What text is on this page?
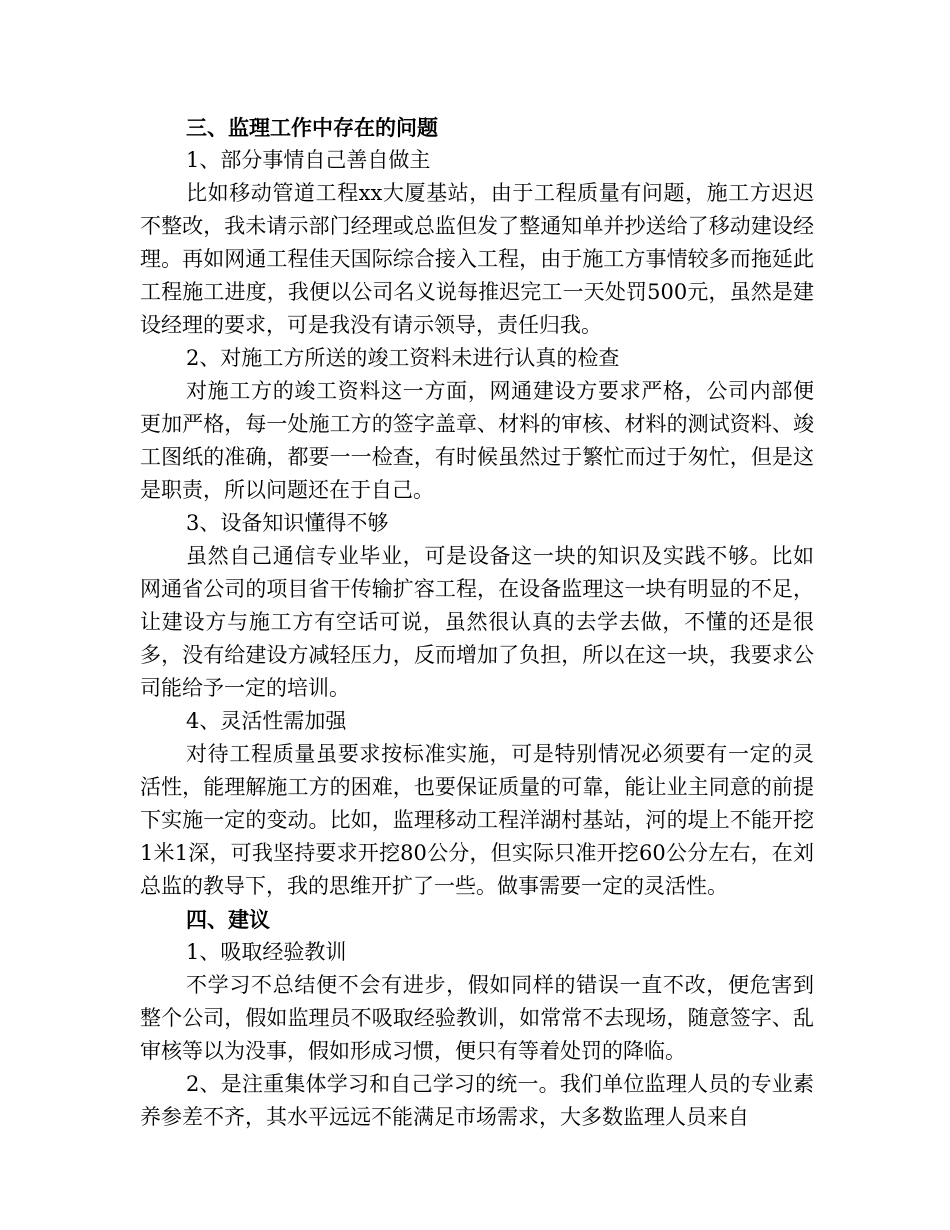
三、监理工作中存在的问题

1、部分事情自己善自做主

比如移动管道工程xx大厦基站，由于工程质量有问题，施工方迟迟不整改，我未请示部门经理或总监但发了整通知单并抄送给了移动建设经理。再如网通工程佳天国际综合接入工程，由于施工方事情较多而拖延此工程施工进度，我便以公司名义说每推迟完工一天处罚500元，虽然是建设经理的要求，可是我没有请示领导，责任归我。

2、对施工方所送的竣工资料未进行认真的检查

对施工方的竣工资料这一方面，网通建设方要求严格，公司内部便更加严格，每一处施工方的签字盖章、材料的审核、材料的测试资料、竣工图纸的准确，都要一一检查，有时候虽然过于繁忙而过于匆忙，但是这是职责，所以问题还在于自己。

3、设备知识懂得不够

虽然自己通信专业毕业，可是设备这一块的知识及实践不够。比如网通省公司的项目省干传输扩容工程，在设备监理这一块有明显的不足，让建设方与施工方有空话可说，虽然很认真的去学去做，不懂的还是很多，没有给建设方减轻压力，反而增加了负担，所以在这一块，我要求公司能给予一定的培训。

4、灵活性需加强

对待工程质量虽要求按标准实施，可是特别情况必须要有一定的灵活性，能理解施工方的困难，也要保证质量的可靠，能让业主同意的前提下实施一定的变动。比如，监理移动工程洋湖村基站，河的堤上不能开挖1米1深，可我坚持要求开挖80公分，但实际只准开挖60公分左右，在刘总监的教导下，我的思维开扩了一些。做事需要一定的灵活性。

四、建议

1、吸取经验教训

不学习不总结便不会有进步，假如同样的错误一直不改，便危害到整个公司，假如监理员不吸取经验教训，如常常不去现场，随意签字、乱审核等以为没事，假如形成习惯，便只有等着处罚的降临。

2、是注重集体学习和自己学习的统一。我们单位监理人员的专业素养参差不齐，其水平远远不能满足市场需求，大多数监理人员来自
